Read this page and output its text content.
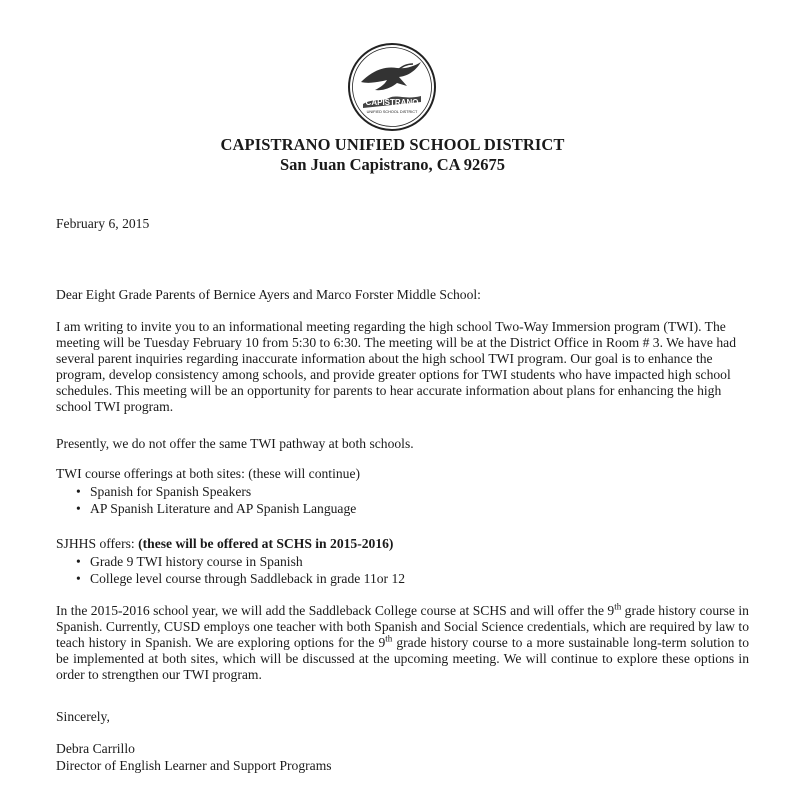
CAPISTRANO
UNIFIED SCHOOL DISTRICT
CAPISTRANO UNIFIED SCHOOL DISTRICT
San Juan Capistrano, CA 92675
February 6, 2015
Dear Eight Grade Parents of Bernice Ayers and Marco Forster Middle School:
I am writing to invite you to an informational meeting regarding the high school Two-Way Immersion program (TWI). The meeting will be Tuesday February 10 from 5:30 to 6:30. The meeting will be at the District Office in Room # 3. We have had several parent inquiries regarding inaccurate information about the high school TWI program. Our goal is to enhance the program, develop consistency among schools, and provide greater options for TWI students who have impacted high school schedules. This meeting will be an opportunity for parents to hear accurate information about plans for enhancing the high school TWI program.
Presently, we do not offer the same TWI pathway at both schools.
TWI course offerings at both sites: (these will continue)
• Spanish for Spanish Speakers
• AP Spanish Literature and AP Spanish Language
SJHHS offers: (these will be offered at SCHS in 2015-2016)
• Grade 9 TWI history course in Spanish
• College level course through Saddleback in grade 11or 12
In the 2015-2016 school year, we will add the Saddleback College course at SCHS and will offer the 9th grade history course in Spanish. Currently, CUSD employs one teacher with both Spanish and Social Science credentials, which are required by law to teach history in Spanish. We are exploring options for the 9th grade history course to a more sustainable long-term solution to be implemented at both sites, which will be discussed at the upcoming meeting. We will continue to explore these options in order to strengthen our TWI program.
Sincerely,
Debra Carrillo
Director of English Learner and Support Programs
